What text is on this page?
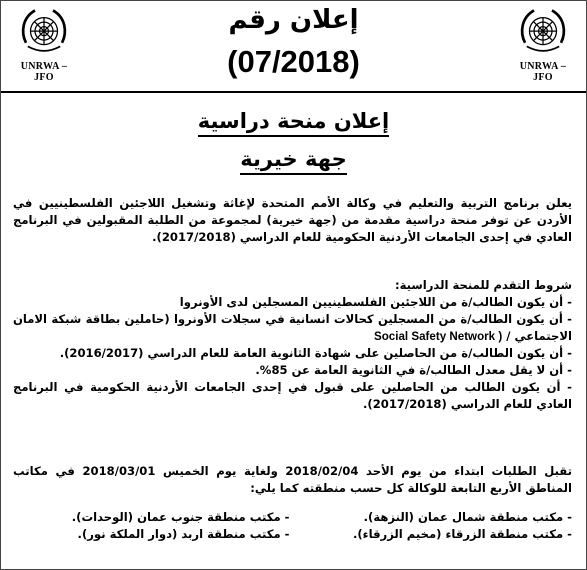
UNRWA – JFO
UNRWA – JFO
إعلان رقم
(07/2018)
إعلان منحة دراسية
جهة خيرية
يعلن برنامج التربية والتعليم في وكالة الأمم المتحدة لإغاثة وتشغيل اللاجئين الفلسطينيين في الأردن عن توفر منحة دراسية مقدمة من (جهة خيرية) لمجموعة من الطلبة المقبولين في البرنامج العادي في إحدى الجامعات الأردنية الحكومية للعام الدراسي (2017/2018).
شروط التقدم للمنحة الدراسية:
- أن يكون الطالب/ة من اللاجئين الفلسطينيين المسجلين لدى الأونروا
- أن يكون الطالب/ة من المسجلين كحالات انسانية في سجلات الأونروا (حاملين بطاقة شبكة الامان الاجتماعي / Social Safety Network )
- أن يكون الطالب/ة من الحاصلين على شهادة الثانوية العامة للعام الدراسي (2016/2017).
- أن لا يقل معدل الطالب/ة في الثانوية العامة عن 85%.
- أن يكون الطالب من الحاصلين على قبول في إحدى الجامعات الأردنية الحكومية في البرنامج العادي للعام الدراسي (2017/2018).
تقبل الطلبات ابتداء من يوم الأحد 2018/02/04 ولغاية يوم الخميس 2018/03/01 في مكاتب المناطق الأربع التابعة للوكالة كل حسب منطقته كما يلي:
- مكتب منطقة شمال عمان (النزهة).
- مكتب منطقة جنوب عمان (الوحدات).
- مكتب منطقة الزرقاء (مخيم الزرقاء).
- مكتب منطقة اربد (دوار الملكة نور).
